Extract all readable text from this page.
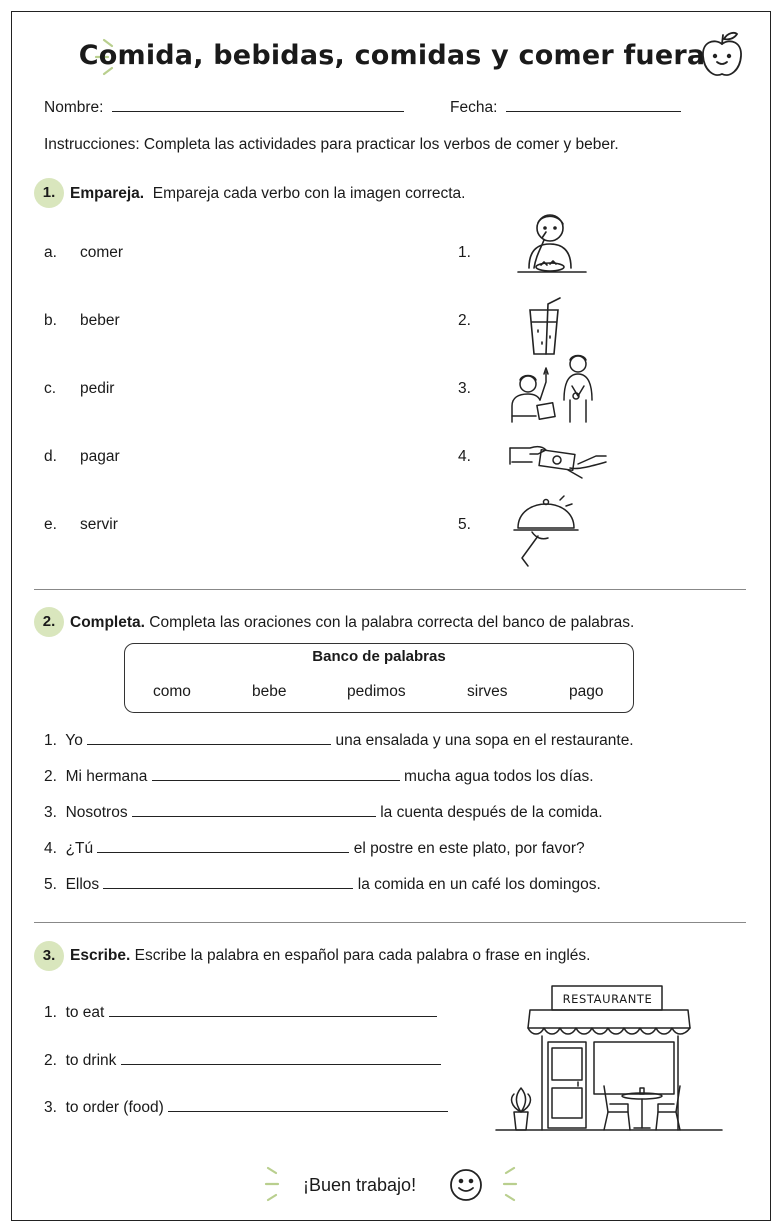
Comida, bebidas, comidas y comer fuera
Nombre:	Fecha:
Instrucciones: Completa las actividades para practicar los verbos de comer y beber.
1. Empareja. Empareja cada verbo con la imagen correcta.
a. comer	1.
b. beber	2.
c. pedir	3.
d. pagar	4.
e. servir	5.
2. Completa. Completa las oraciones con la palabra correcta del banco de palabras.
Banco de palabras
como	bebe	pedimos	sirves	pago
1. Yo	una ensalada y una sopa en el restaurante.
2. Mi hermana	mucha agua todos los días.
3. Nosotros	la cuenta después de la comida.
4. ¿Tú	el postre en este plato, por favor?
5. Ellos	la comida en un café los domingos.
3. Escribe. Escribe la palabra en español para cada palabra o frase en inglés.
1. to eat
2. to drink
3. to order (food)
RESTAURANTE
¡Buen trabajo!
